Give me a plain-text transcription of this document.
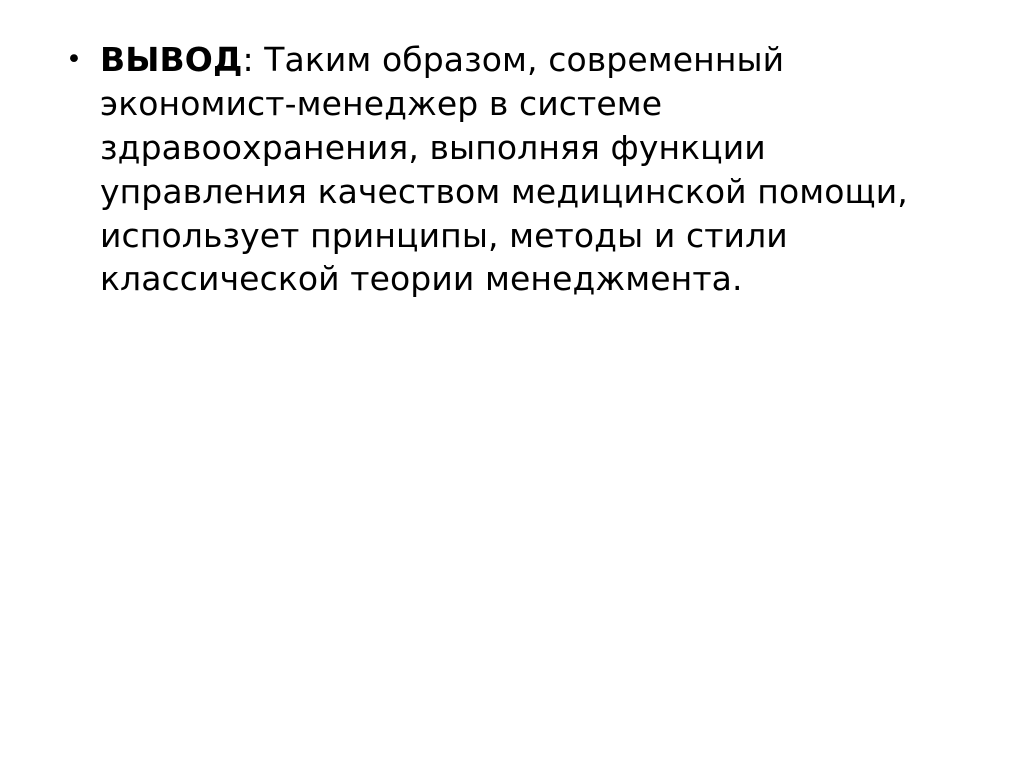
• ВЫВОД: Таким образом, современный экономист-менеджер в системе здравоохранения, выполняя функции управления качеством медицинской помощи, использует принципы, методы и стили классической теории менеджмента.
